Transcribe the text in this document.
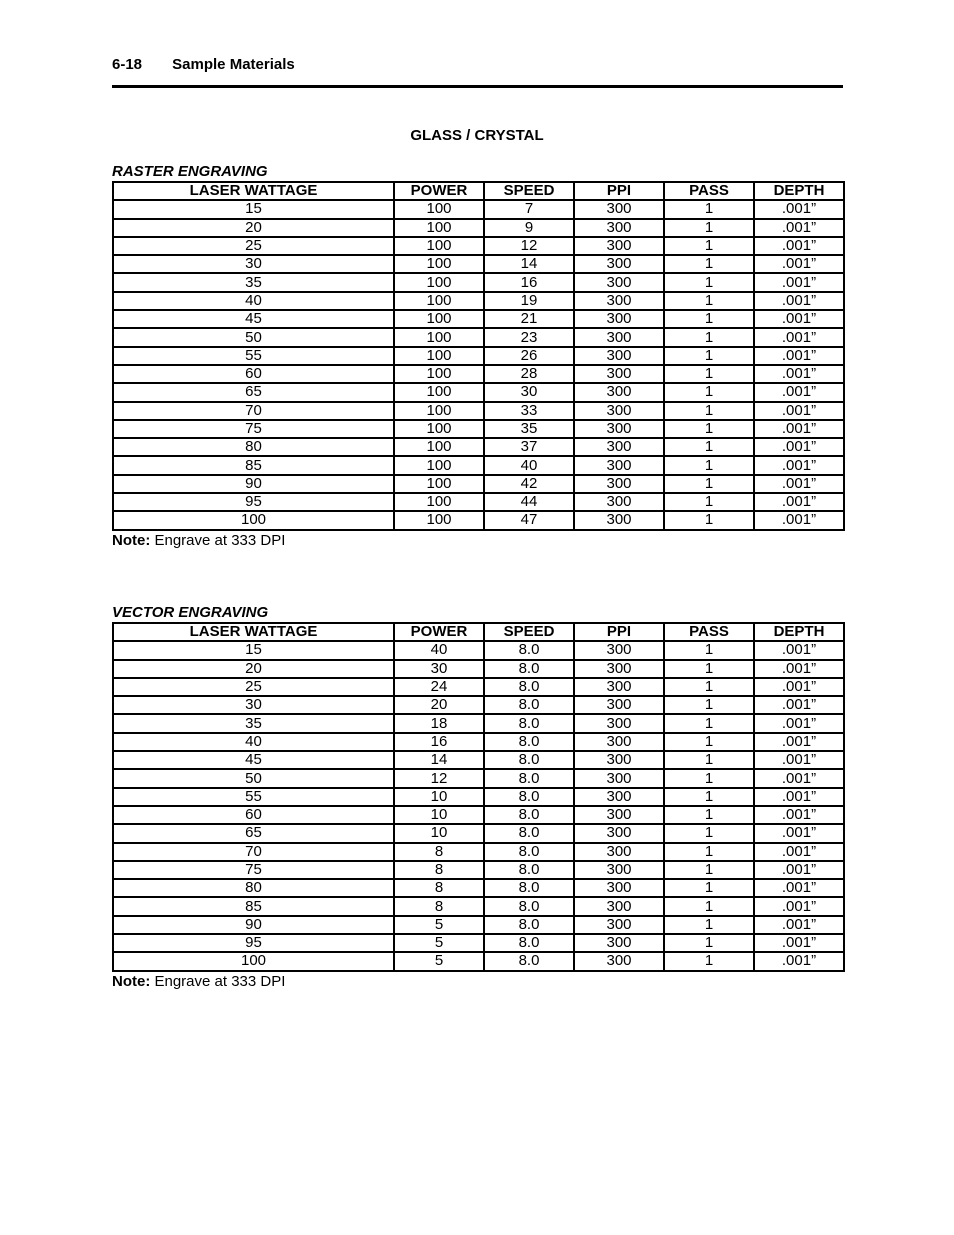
6-18 Sample Materials
GLASS / CRYSTAL
RASTER ENGRAVING
LASER WATTAGE	POWER	SPEED	PPI	PASS	DEPTH
15	100	7	300	1	.001”
20	100	9	300	1	.001”
25	100	12	300	1	.001”
30	100	14	300	1	.001”
35	100	16	300	1	.001”
40	100	19	300	1	.001”
45	100	21	300	1	.001”
50	100	23	300	1	.001”
55	100	26	300	1	.001”
60	100	28	300	1	.001”
65	100	30	300	1	.001”
70	100	33	300	1	.001”
75	100	35	300	1	.001”
80	100	37	300	1	.001”
85	100	40	300	1	.001”
90	100	42	300	1	.001”
95	100	44	300	1	.001”
100	100	47	300	1	.001”
Note: Engrave at 333 DPI
VECTOR ENGRAVING
LASER WATTAGE	POWER	SPEED	PPI	PASS	DEPTH
15	40	8.0	300	1	.001”
20	30	8.0	300	1	.001”
25	24	8.0	300	1	.001”
30	20	8.0	300	1	.001”
35	18	8.0	300	1	.001”
40	16	8.0	300	1	.001”
45	14	8.0	300	1	.001”
50	12	8.0	300	1	.001”
55	10	8.0	300	1	.001”
60	10	8.0	300	1	.001”
65	10	8.0	300	1	.001”
70	8	8.0	300	1	.001”
75	8	8.0	300	1	.001”
80	8	8.0	300	1	.001”
85	8	8.0	300	1	.001”
90	5	8.0	300	1	.001”
95	5	8.0	300	1	.001”
100	5	8.0	300	1	.001”
Note: Engrave at 333 DPI
